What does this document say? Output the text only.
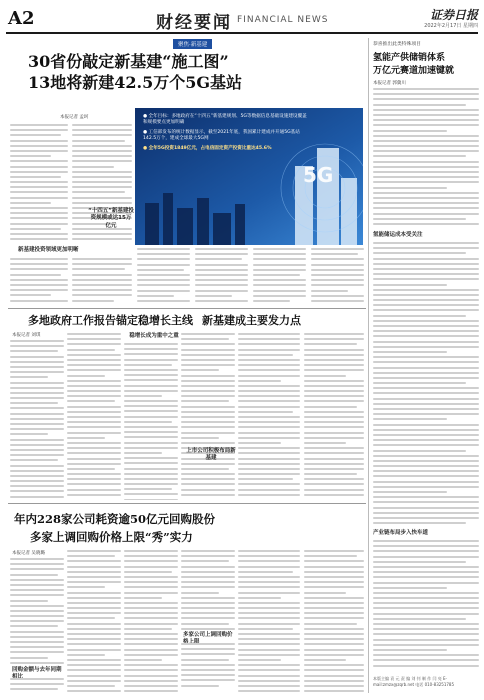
A2	财经要闻 FINANCIAL NEWS	证券日报
2022年2月17日 星期四
聚焦·新基建
30省份敲定新基建“施工图”
13地将新建42.5万个5G基站
本报记者 孟珂
5G
● 全年目标：多地政府在“十四五”新基建规划、5G等数据信息基础设施建设覆盖和规模要点更加明确
● 工信部发布的统计数据显示，截至2021年底，我国累计建成并开通5G基站142.5万个，建成全球最大5G网
● 全年5G投资1849亿元，占电信固定资产投资比重达45.6%
新基建投资领域更加明晰
“十四五”新基建投资规模或达15万亿元
多地政府工作报告锚定稳增长主线 新基建成主要发力点
本报记者 刘琪	稳增长成为重中之重
上市公司积极布局新基建
年内228家公司耗资逾50亿元回购股份
多家上调回购价格上限“秀”实力
本报记者 吴晓璐
回购金额与去年同期
多家公司上调回购价
恭喜推出此类特殊项目
氢能产供储销体系
万亿元赛道加速键就
本报记者 郭冀川
氢能储运成本受关注
产业链布局步入快车道
本版主编 袁 元 责 编 刘 钊 制 作 闫 亮 E-mail:zmzx@zqrb.net 电话 010-83251785
